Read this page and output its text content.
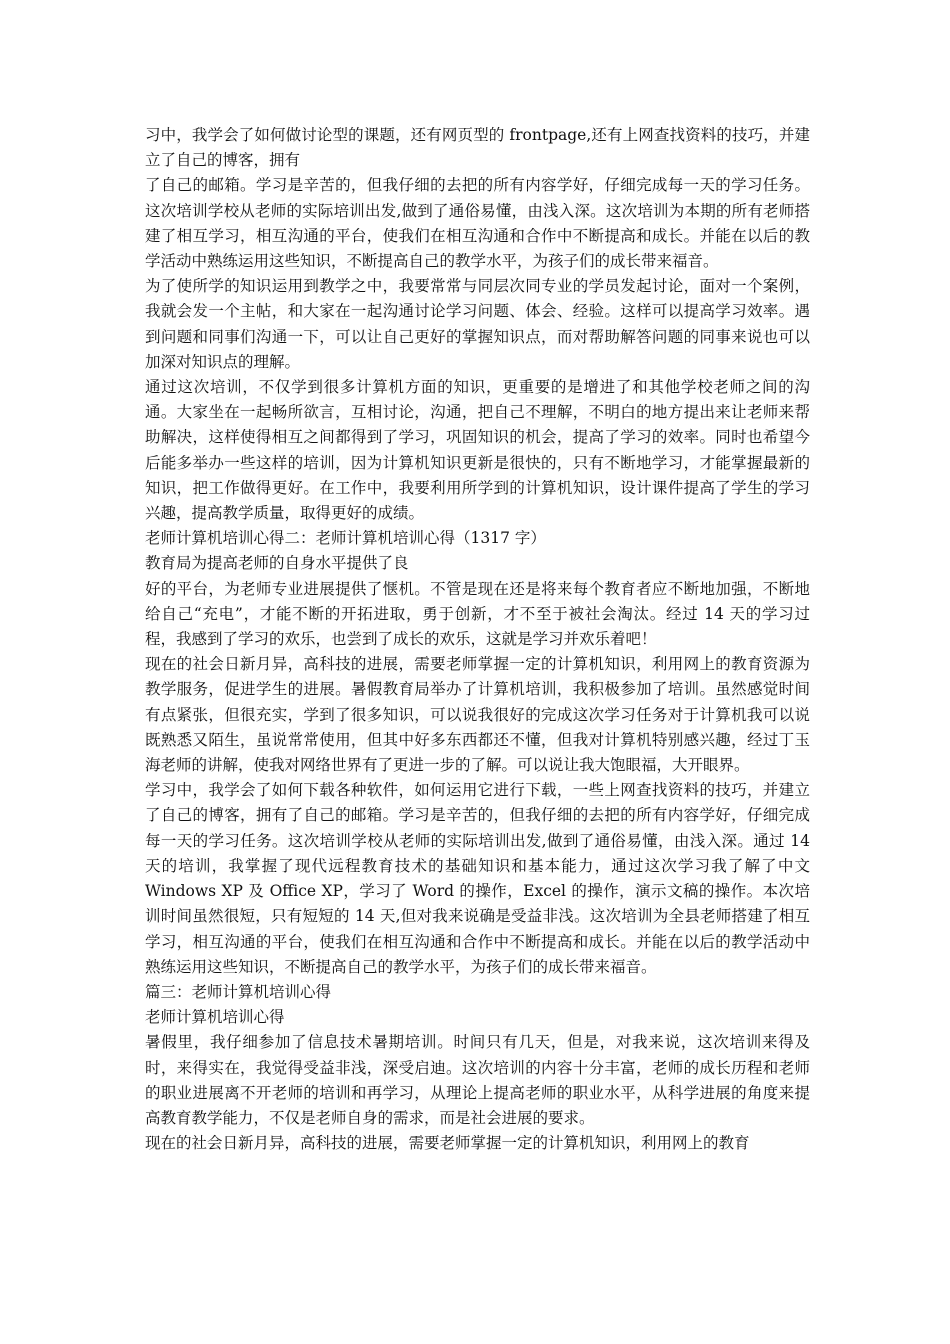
习中，我学会了如何做讨论型的课题，还有网页型的 frontpage,还有上网查找资料的技巧，并建立了自己的博客，拥有

了自己的邮箱。学习是辛苦的，但我仔细的去把的所有内容学好，仔细完成每一天的学习任务。这次培训学校从老师的实际培训出发,做到了通俗易懂，由浅入深。这次培训为本期的所有老师搭建了相互学习，相互沟通的平台，使我们在相互沟通和合作中不断提高和成长。并能在以后的教学活动中熟练运用这些知识，不断提高自己的教学水平，为孩子们的成长带来福音。

为了使所学的知识运用到教学之中，我要常常与同层次同专业的学员发起讨论，面对一个案例，我就会发一个主帖，和大家在一起沟通讨论学习问题、体会、经验。这样可以提高学习效率。遇到问题和同事们沟通一下，可以让自己更好的掌握知识点，而对帮助解答问题的同事来说也可以加深对知识点的理解。

通过这次培训，不仅学到很多计算机方面的知识，更重要的是增进了和其他学校老师之间的沟通。大家坐在一起畅所欲言，互相讨论，沟通，把自己不理解，不明白的地方提出来让老师来帮助解决，这样使得相互之间都得到了学习，巩固知识的机会，提高了学习的效率。同时也希望今后能多举办一些这样的培训，因为计算机知识更新是很快的，只有不断地学习，才能掌握最新的知识，把工作做得更好。在工作中，我要利用所学到的计算机知识，设计课件提高了学生的学习兴趣，提高教学质量，取得更好的成绩。

老师计算机培训心得二：老师计算机培训心得（1317 字）

教育局为提高老师的自身水平提供了良

好的平台，为老师专业进展提供了惬机。不管是现在还是将来每个教育者应不断地加强，不断地给自己“充电”，才能不断的开拓进取，勇于创新，才不至于被社会淘汰。经过 14 天的学习过程，我感到了学习的欢乐，也尝到了成长的欢乐，这就是学习并欢乐着吧！

现在的社会日新月异，高科技的进展，需要老师掌握一定的计算机知识，利用网上的教育资源为教学服务，促进学生的进展。暑假教育局举办了计算机培训，我积极参加了培训。虽然感觉时间有点紧张，但很充实，学到了很多知识，可以说我很好的完成这次学习任务对于计算机我可以说既熟悉又陌生，虽说常常使用，但其中好多东西都还不懂，但我对计算机特别感兴趣，经过丁玉海老师的讲解，使我对网络世界有了更进一步的了解。可以说让我大饱眼福，大开眼界。

学习中，我学会了如何下载各种软件，如何运用它进行下载，一些上网查找资料的技巧，并建立了自己的博客，拥有了自己的邮箱。学习是辛苦的，但我仔细的去把的所有内容学好，仔细完成每一天的学习任务。这次培训学校从老师的实际培训出发,做到了通俗易懂，由浅入深。通过 14 天的培训，我掌握了现代远程教育技术的基础知识和基本能力，通过这次学习我了解了中文 Windows XP 及 Office XP，学习了 Word 的操作，Excel 的操作，演示文稿的操作。本次培训时间虽然很短，只有短短的 14 天,但对我来说确是受益非浅。这次培训为全县老师搭建了相互学习，相互沟通的平台，使我们在相互沟通和合作中不断提高和成长。并能在以后的教学活动中熟练运用这些知识，不断提高自己的教学水平，为孩子们的成长带来福音。

篇三：老师计算机培训心得

老师计算机培训心得

暑假里，我仔细参加了信息技术暑期培训。时间只有几天，但是，对我来说，这次培训来得及时，来得实在，我觉得受益非浅，深受启迪。这次培训的内容十分丰富，老师的成长历程和老师的职业进展离不开老师的培训和再学习，从理论上提高老师的职业水平，从科学进展的角度来提高教育教学能力，不仅是老师自身的需求，而是社会进展的要求。

现在的社会日新月异，高科技的进展，需要老师掌握一定的计算机知识，利用网上的教育
